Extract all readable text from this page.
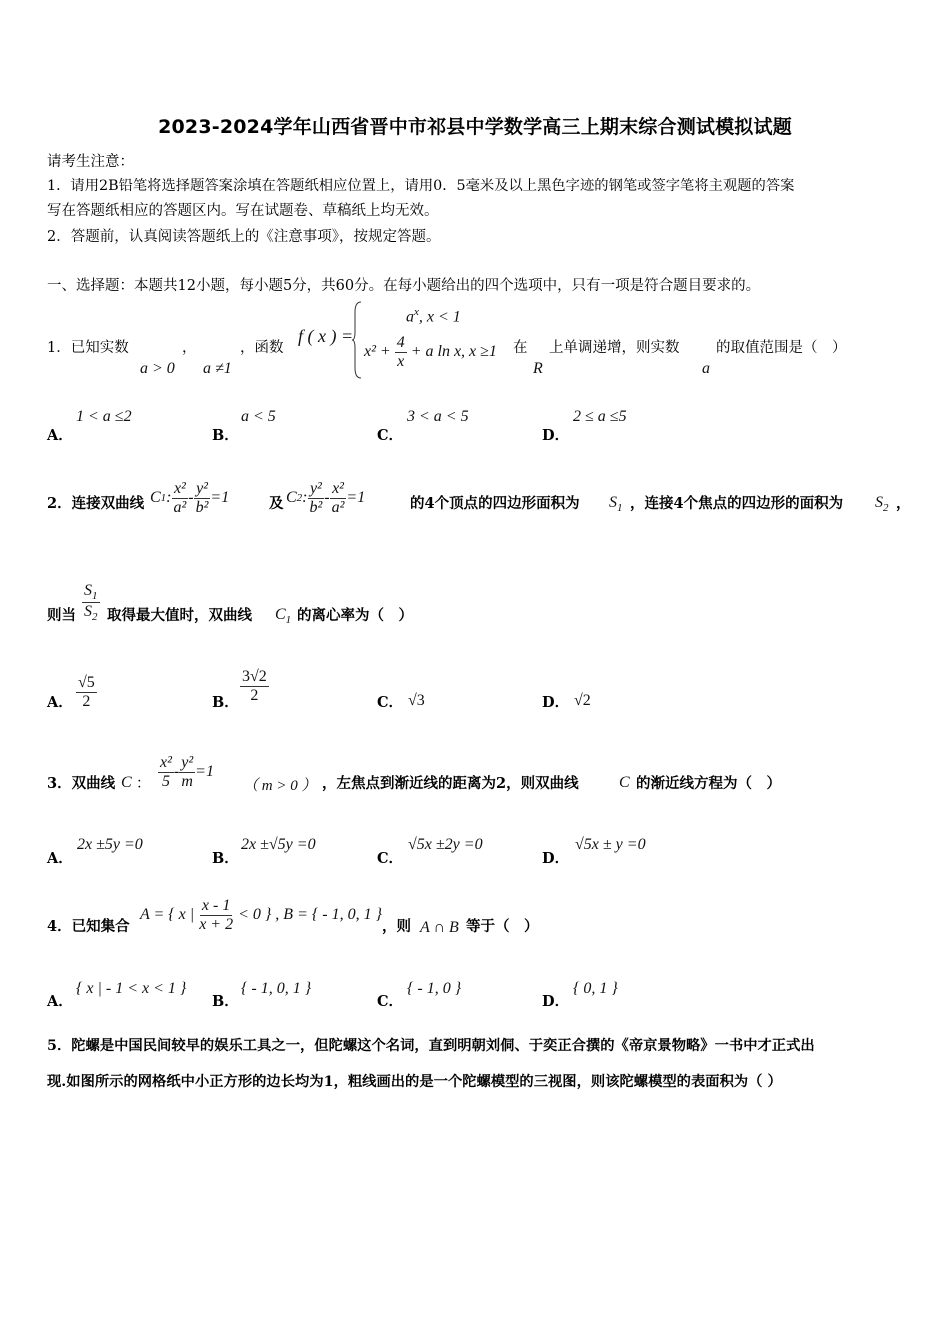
2023-2024学年山西省晋中市祁县中学数学高三上期末综合测试模拟试题
请考生注意：
1．请用2B铅笔将选择题答案涂填在答题纸相应位置上，请用0．5毫米及以上黑色字迹的钢笔或签字笔将主观题的答案
写在答题纸相应的答题区内。写在试题卷、草稿纸上均无效。
2．答题前，认真阅读答题纸上的《注意事项》，按规定答题。
一、选择题：本题共12小题，每小题5分，共60分。在每小题给出的四个选项中，只有一项是符合题目要求的。
1．已知实数	，	，函数
a > 0 a ≠1
f ( x ) =
$a^x$, x < 1
$x^2 + \frac{4}{x} + a$ ln x, x ≥1 在
R
上单调递增，则实数
a
的取值范围是（　）
A．
1 < a ≤2
B．
a < 5
C．
3 < a < 5
D．
2 ≤ a ≤5
2．连接双曲线 C 1 : $\frac{\text{x²}}{\text{a²}} - \frac{\text{y²}}{\text{b²}} =1$	及 C 2 : $\frac{\text{y²}}{\text{b²}} - \frac{\text{x²}}{\text{a²}} =1$	的4个顶点的四边形面积为 $S_1$ ，连接4个焦点的四边形的面积为 $S_2$ ，
则当 $\frac{S_1}{S_2}$ 取得最大值时，双曲线 $C_1$ 的离心率为（　）
A． $\frac{√5}{2}$	B． $\frac{3√2}{2}$	C． √3	D． √2
3．双曲线 C ： $\frac{\text{x²}}{5} - \frac{\text{y²}}{m} =1$
（ m > 0 ） ，左焦点到渐近线的距离为2，则双曲线	C 的渐近线方程为（　）
A．
2x ±5y =0
B．
2x ±√5y =0
C．
√5x ±2y =0
D．
√5x ± y =0
4．已知集合
A = { x | $\frac{x - 1}{x + 2} < 0$ } , B = { - 1, 0, 1 }
，则 A ∩ B 等于（　）
A．
{ x | - 1 < x < 1 }
B．
{ - 1, 0, 1 }
C．
{ - 1, 0 }
D．
{ 0, 1 }
5．陀螺是中国民间较早的娱乐工具之一，但陀螺这个名词，直到明朝刘侗、于奕正合撰的《帝京景物略》一书中才正式出
现.如图所示的网格纸中小正方形的边长均为1，粗线画出的是一个陀螺模型的三视图，则该陀螺模型的表面积为（ ）
